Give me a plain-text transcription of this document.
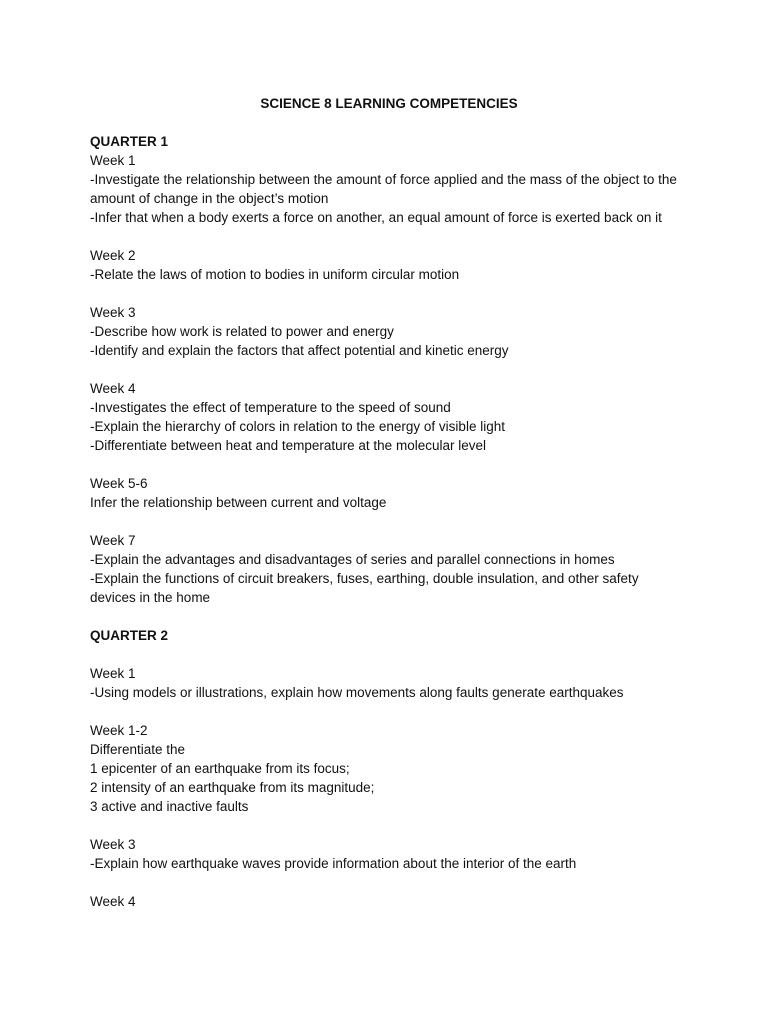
SCIENCE 8 LEARNING COMPETENCIES
QUARTER 1
Week 1
-Investigate the relationship between the amount of force applied and the mass of the object to the amount of change in the object’s motion
-Infer that when a body exerts a force on another, an equal amount of force is exerted back on it
Week 2
-Relate the laws of motion to bodies in uniform circular motion
Week 3
-Describe how work is related to power and energy
-Identify and explain the factors that affect potential and kinetic energy
Week 4
-Investigates the effect of temperature to the speed of sound
-Explain the hierarchy of colors in relation to the energy of visible light
-Differentiate between heat and temperature at the molecular level
Week 5-6
Infer the relationship between current and voltage
Week 7
-Explain the advantages and disadvantages of series and parallel connections in homes
-Explain the functions of circuit breakers, fuses, earthing, double insulation, and other safety devices in the home
QUARTER 2
Week 1
-Using models or illustrations, explain how movements along faults generate earthquakes
Week 1-2
Differentiate the
1 epicenter of an earthquake from its focus;
2 intensity of an earthquake from its magnitude;
3 active and inactive faults
Week 3
-Explain how earthquake waves provide information about the interior of the earth
Week 4
